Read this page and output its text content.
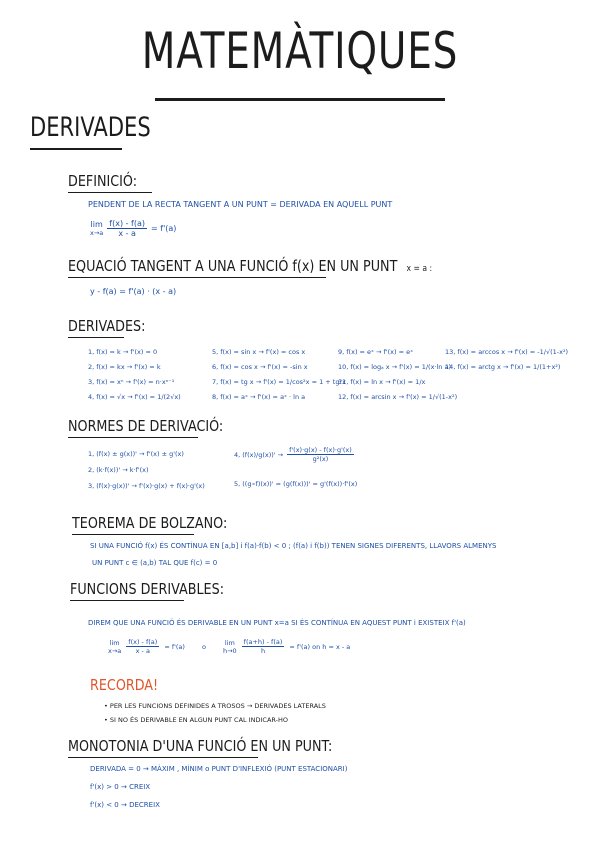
MATEMÀTIQUES
DERIVADES
DEFINICIÓ:
PENDENT DE LA RECTA TANGENT A UN PUNT = DERIVADA EN AQUELL PUNT
lim
$x\to a \frac{f(x) - f(a)}{x - a} = f'(a)$
EQUACIÓ TANGENT A UNA FUNCIÓ f(x) EN UN PUNT x = a :
y - f(a) = f'(a) · (x - a)
DERIVADES:
1, f(x) = k → f'(x) = 0
2, f(x) = kx → f'(x) = k
3, f(x) = xⁿ → f'(x) = n·xⁿ⁻¹
4, f(x) = √x → f'(x) = 1/(2√x)
5, f(x) = sin x → f'(x) = cos x
6, f(x) = cos x → f'(x) = -sin x
7, f(x) = tg x → f'(x) = 1/cos²x = 1 + tg²x
8, f(x) = aˣ → f'(x) = aˣ · ln a
9, f(x) = eˣ → f'(x) = eˣ
10, f(x) = logₐ x → f'(x) = 1/(x·ln a)
11, f(x) = ln x → f'(x) = 1/x
12, f(x) = arcsin x → f'(x) = 1/√(1-x²)
13, f(x) = arccos x → f'(x) = -1/√(1-x²)
14, f(x) = arctg x → f'(x) = 1/(1+x²)
NORMES DE DERIVACIÓ:
1, (f(x) ± g(x))' → f'(x) ± g'(x)
2, (k·f(x))' → k·f'(x)
3, (f(x)·g(x))' → f'(x)·g(x) + f(x)·g'(x)
4, $(f(x)/g(x))' \to \frac{f'(x)\cdot g(x) - f(x)\cdot g'(x)}{\text{g²(x)}}$
5, ((g∘f)(x))' = (g(f(x)))' = g'(f(x))·f'(x)
TEOREMA DE BOLZANO:
SI UNA FUNCIÓ f(x) ÉS CONTÍNUA EN [a,b] i f(a)·f(b) < 0 ; (f(a) i f(b)) TENEN SIGNES DIFERENTS, LLAVORS ALMENYS
UN PUNT c ∈ (a,b) TAL QUE f(c) = 0
FUNCIONS DERIVABLES:
DIREM QUE UNA FUNCIÓ ÉS DERIVABLE EN UN PUNT x=a SI ÉS CONTÍNUA EN AQUEST PUNT i EXISTEIX f'(a)
lim
$x\to a \frac{f(x) - f(a)}{x - a} = f'(a)$	o	lim
$h\to 0 \frac{f(a+h) - f(a)}{h} = f'(a)$ on h = x - a
RECORDA!
• PER LES FUNCIONS DEFINIDES A TROSOS → DERIVADES LATERALS
• SI NO ÉS DERIVABLE EN ALGUN PUNT CAL INDICAR-HO
MONOTONIA D'UNA FUNCIÓ EN UN PUNT:
DERIVADA = 0 → MÀXIM , MÍNIM o PUNT D'INFLEXIÓ (PUNT ESTACIONARI)
f'(x) > 0 → CREIX
f'(x) < 0 → DECREIX
